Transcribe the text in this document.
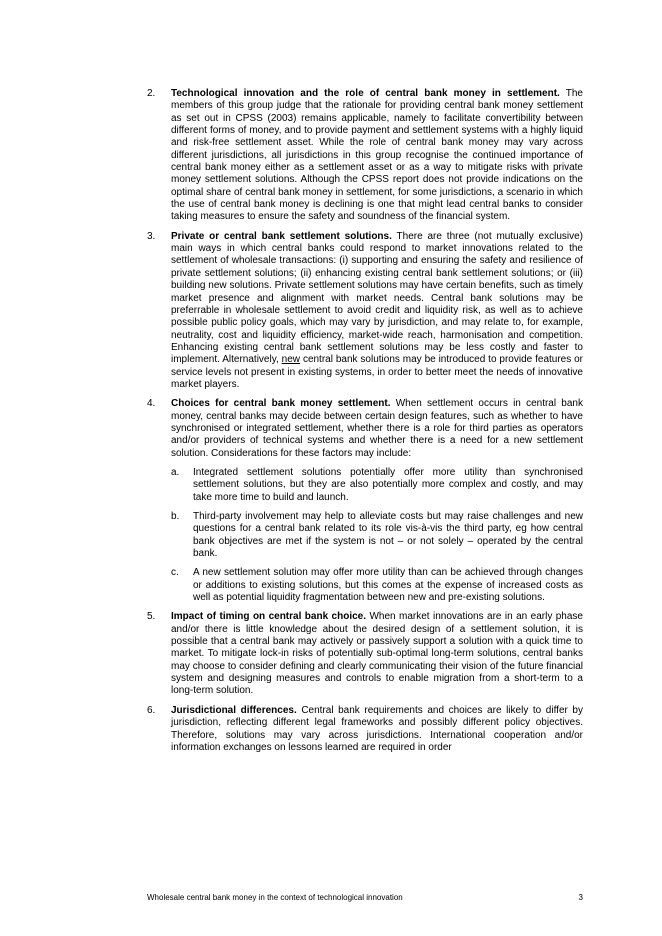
2. Technological innovation and the role of central bank money in settlement. The members of this group judge that the rationale for providing central bank money settlement as set out in CPSS (2003) remains applicable, namely to facilitate convertibility between different forms of money, and to provide payment and settlement systems with a highly liquid and risk-free settlement asset. While the role of central bank money may vary across different jurisdictions, all jurisdictions in this group recognise the continued importance of central bank money either as a settlement asset or as a way to mitigate risks with private money settlement solutions. Although the CPSS report does not provide indications on the optimal share of central bank money in settlement, for some jurisdictions, a scenario in which the use of central bank money is declining is one that might lead central banks to consider taking measures to ensure the safety and soundness of the financial system.
3. Private or central bank settlement solutions. There are three (not mutually exclusive) main ways in which central banks could respond to market innovations related to the settlement of wholesale transactions: (i) supporting and ensuring the safety and resilience of private settlement solutions; (ii) enhancing existing central bank settlement solutions; or (iii) building new solutions. Private settlement solutions may have certain benefits, such as timely market presence and alignment with market needs. Central bank solutions may be preferrable in wholesale settlement to avoid credit and liquidity risk, as well as to achieve possible public policy goals, which may vary by jurisdiction, and may relate to, for example, neutrality, cost and liquidity efficiency, market-wide reach, harmonisation and competition. Enhancing existing central bank settlement solutions may be less costly and faster to implement. Alternatively, new central bank solutions may be introduced to provide features or service levels not present in existing systems, in order to better meet the needs of innovative market players.
4. Choices for central bank money settlement. When settlement occurs in central bank money, central banks may decide between certain design features, such as whether to have synchronised or integrated settlement, whether there is a role for third parties as operators and/or providers of technical systems and whether there is a need for a new settlement solution. Considerations for these factors may include:
a. Integrated settlement solutions potentially offer more utility than synchronised settlement solutions, but they are also potentially more complex and costly, and may take more time to build and launch.
b. Third-party involvement may help to alleviate costs but may raise challenges and new questions for a central bank related to its role vis-à-vis the third party, eg how central bank objectives are met if the system is not – or not solely – operated by the central bank.
c. A new settlement solution may offer more utility than can be achieved through changes or additions to existing solutions, but this comes at the expense of increased costs as well as potential liquidity fragmentation between new and pre-existing solutions.
5. Impact of timing on central bank choice. When market innovations are in an early phase and/or there is little knowledge about the desired design of a settlement solution, it is possible that a central bank may actively or passively support a solution with a quick time to market. To mitigate lock-in risks of potentially sub-optimal long-term solutions, central banks may choose to consider defining and clearly communicating their vision of the future financial system and designing measures and controls to enable migration from a short-term to a long-term solution.
6. Jurisdictional differences. Central bank requirements and choices are likely to differ by jurisdiction, reflecting different legal frameworks and possibly different policy objectives. Therefore, solutions may vary across jurisdictions. International cooperation and/or information exchanges on lessons learned are required in order
Wholesale central bank money in the context of technological innovation	3
